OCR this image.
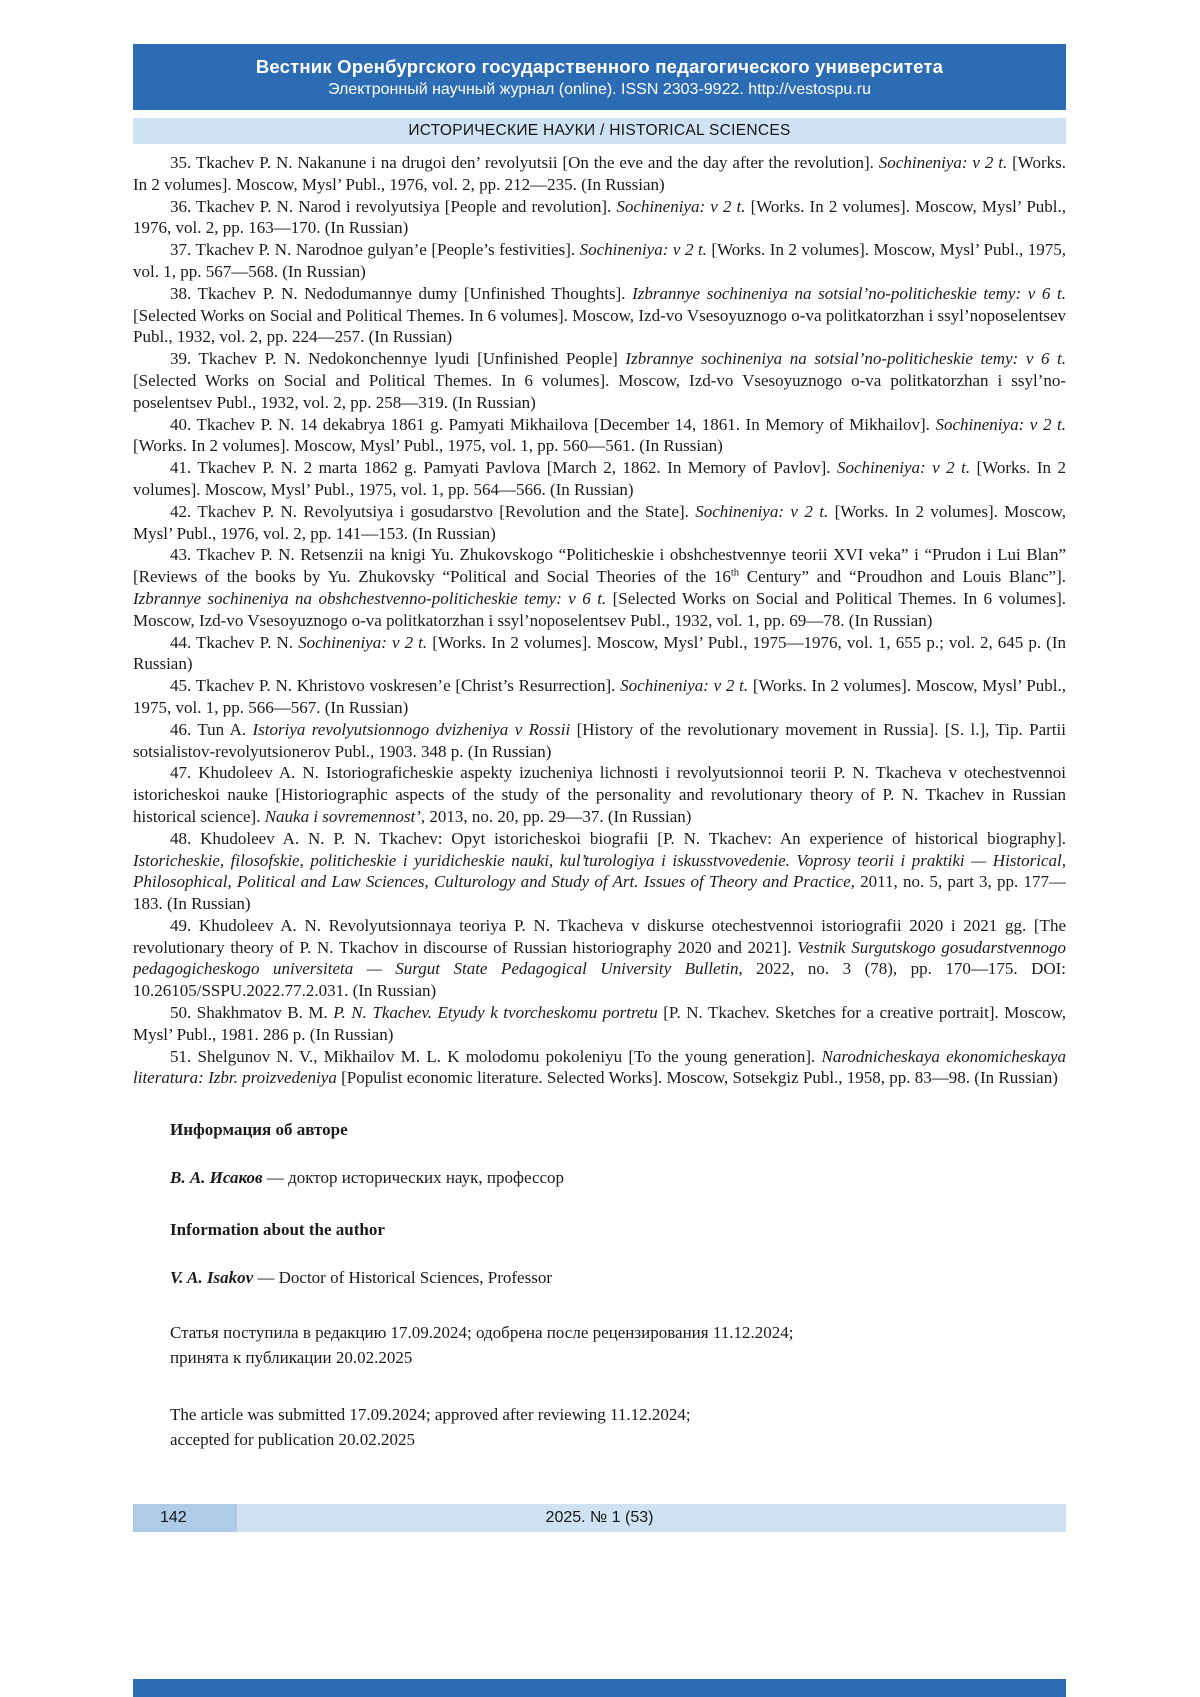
Вестник Оренбургского государственного педагогического университета
Электронный научный журнал (online). ISSN 2303-9922. http://vestospu.ru
ИСТОРИЧЕСКИЕ НАУКИ / HISTORICAL SCIENCES

35. Tkachev P. N. Nakanune i na drugoi den’ revolyutsii [On the eve and the day after the revolution]. Sochineniya: v 2 t. [Works. In 2 volumes]. Moscow, Mysl’ Publ., 1976, vol. 2, pp. 212—235. (In Russian)

36. Tkachev P. N. Narod i revolyutsiya [People and revolution]. Sochineniya: v 2 t. [Works. In 2 volumes]. Moscow, Mysl’ Publ., 1976, vol. 2, pp. 163—170. (In Russian)

37. Tkachev P. N. Narodnoe gulyan’e [People’s festivities]. Sochineniya: v 2 t. [Works. In 2 volumes]. Moscow, Mysl’ Publ., 1975, vol. 1, pp. 567—568. (In Russian)

38. Tkachev P. N. Nedodumannye dumy [Unfinished Thoughts]. Izbrannye sochineniya na sotsial’no-politicheskie temy: v 6 t. [Selected Works on Social and Political Themes. In 6 volumes]. Moscow, Izd-vo Vsesoyuznogo o-va politkatorzhan i ssyl’noposelentsev Publ., 1932, vol. 2, pp. 224—257. (In Russian)

39. Tkachev P. N. Nedokonchennye lyudi [Unfinished People] Izbrannye sochineniya na sotsial’no-politicheskie temy: v 6 t. [Selected Works on Social and Political Themes. In 6 volumes]. Moscow, Izd-vo Vsesoyuznogo o-va politkatorzhan i ssyl’no-poselentsev Publ., 1932, vol. 2, pp. 258—319. (In Russian)

40. Tkachev P. N. 14 dekabrya 1861 g. Pamyati Mikhailova [December 14, 1861. In Memory of Mikhailov]. Sochineniya: v 2 t. [Works. In 2 volumes]. Moscow, Mysl’ Publ., 1975, vol. 1, pp. 560—561. (In Russian)

41. Tkachev P. N. 2 marta 1862 g. Pamyati Pavlova [March 2, 1862. In Memory of Pavlov]. Sochineniya: v 2 t. [Works. In 2 volumes]. Moscow, Mysl’ Publ., 1975, vol. 1, pp. 564—566. (In Russian)

42. Tkachev P. N. Revolyutsiya i gosudarstvo [Revolution and the State]. Sochineniya: v 2 t. [Works. In 2 volumes]. Moscow, Mysl’ Publ., 1976, vol. 2, pp. 141—153. (In Russian)

43. Tkachev P. N. Retsenzii na knigi Yu. Zhukovskogo “Politicheskie i obshchestvennye teorii XVI veka” i “Prudon i Lui Blan” [Reviews of the books by Yu. Zhukovsky “Political and Social Theories of the 16th Century” and “Proudhon and Louis Blanc”]. Izbrannye sochineniya na obshchestvenno-politicheskie temy: v 6 t. [Selected Works on Social and Political Themes. In 6 volumes]. Moscow, Izd-vo Vsesoyuznogo o-va politkatorzhan i ssyl’noposelentsev Publ., 1932, vol. 1, pp. 69—78. (In Russian)

44. Tkachev P. N. Sochineniya: v 2 t. [Works. In 2 volumes]. Moscow, Mysl’ Publ., 1975—1976, vol. 1, 655 p.; vol. 2, 645 p. (In Russian)

45. Tkachev P. N. Khristovo voskresen’e [Christ’s Resurrection]. Sochineniya: v 2 t. [Works. In 2 volumes]. Moscow, Mysl’ Publ., 1975, vol. 1, pp. 566—567. (In Russian)

46. Tun A. Istoriya revolyutsionnogo dvizheniya v Rossii [History of the revolutionary movement in Russia]. [S. l.], Tip. Partii sotsialistov-revolyutsionerov Publ., 1903. 348 p. (In Russian)

47. Khudoleev A. N. Istoriograficheskie aspekty izucheniya lichnosti i revolyutsionnoi teorii P. N. Tkacheva v otechestvennoi istoricheskoi nauke [Historiographic aspects of the study of the personality and revolutionary theory of P. N. Tkachev in Russian historical science]. Nauka i sovremennost’, 2013, no. 20, pp. 29—37. (In Russian)

48. Khudoleev A. N. P. N. Tkachev: Opyt istoricheskoi biografii [P. N. Tkachev: An experience of historical biography]. Istoricheskie, filosofskie, politicheskie i yuridicheskie nauki, kul’turologiya i iskusstvovedenie. Voprosy teorii i praktiki — Historical, Philosophical, Political and Law Sciences, Culturology and Study of Art. Issues of Theory and Practice, 2011, no. 5, part 3, pp. 177—183. (In Russian)

49. Khudoleev A. N. Revolyutsionnaya teoriya P. N. Tkacheva v diskurse otechestvennoi istoriografii 2020 i 2021 gg. [The revolutionary theory of P. N. Tkachov in discourse of Russian historiography 2020 and 2021]. Vestnik Surgutskogo gosudarstvennogo pedagogicheskogo universiteta — Surgut State Pedagogical University Bulletin, 2022, no. 3 (78), pp. 170—175. DOI: 10.26105/SSPU.2022.77.2.031. (In Russian)

50. Shakhmatov B. M. P. N. Tkachev. Etyudy k tvorcheskomu portretu [P. N. Tkachev. Sketches for a creative portrait]. Moscow, Mysl’ Publ., 1981. 286 p. (In Russian)

51. Shelgunov N. V., Mikhailov M. L. K molodomu pokoleniyu [To the young generation]. Narodnicheskaya ekonomicheskaya literatura: Izbr. proizvedeniya [Populist economic literature. Selected Works]. Moscow, Sotsekgiz Publ., 1958, pp. 83—98. (In Russian)

Информация об авторе
В. А. Исаков — доктор исторических наук, профессор
Information about the author
V. A. Isakov — Doctor of Historical Sciences, Professor
Статья поступила в редакцию 17.09.2024; одобрена после рецензирования 11.12.2024;
принята к публикации 20.02.2025
The article was submitted 17.09.2024; approved after reviewing 11.12.2024;
accepted for publication 20.02.2025
2025. № 1 (53)
142
